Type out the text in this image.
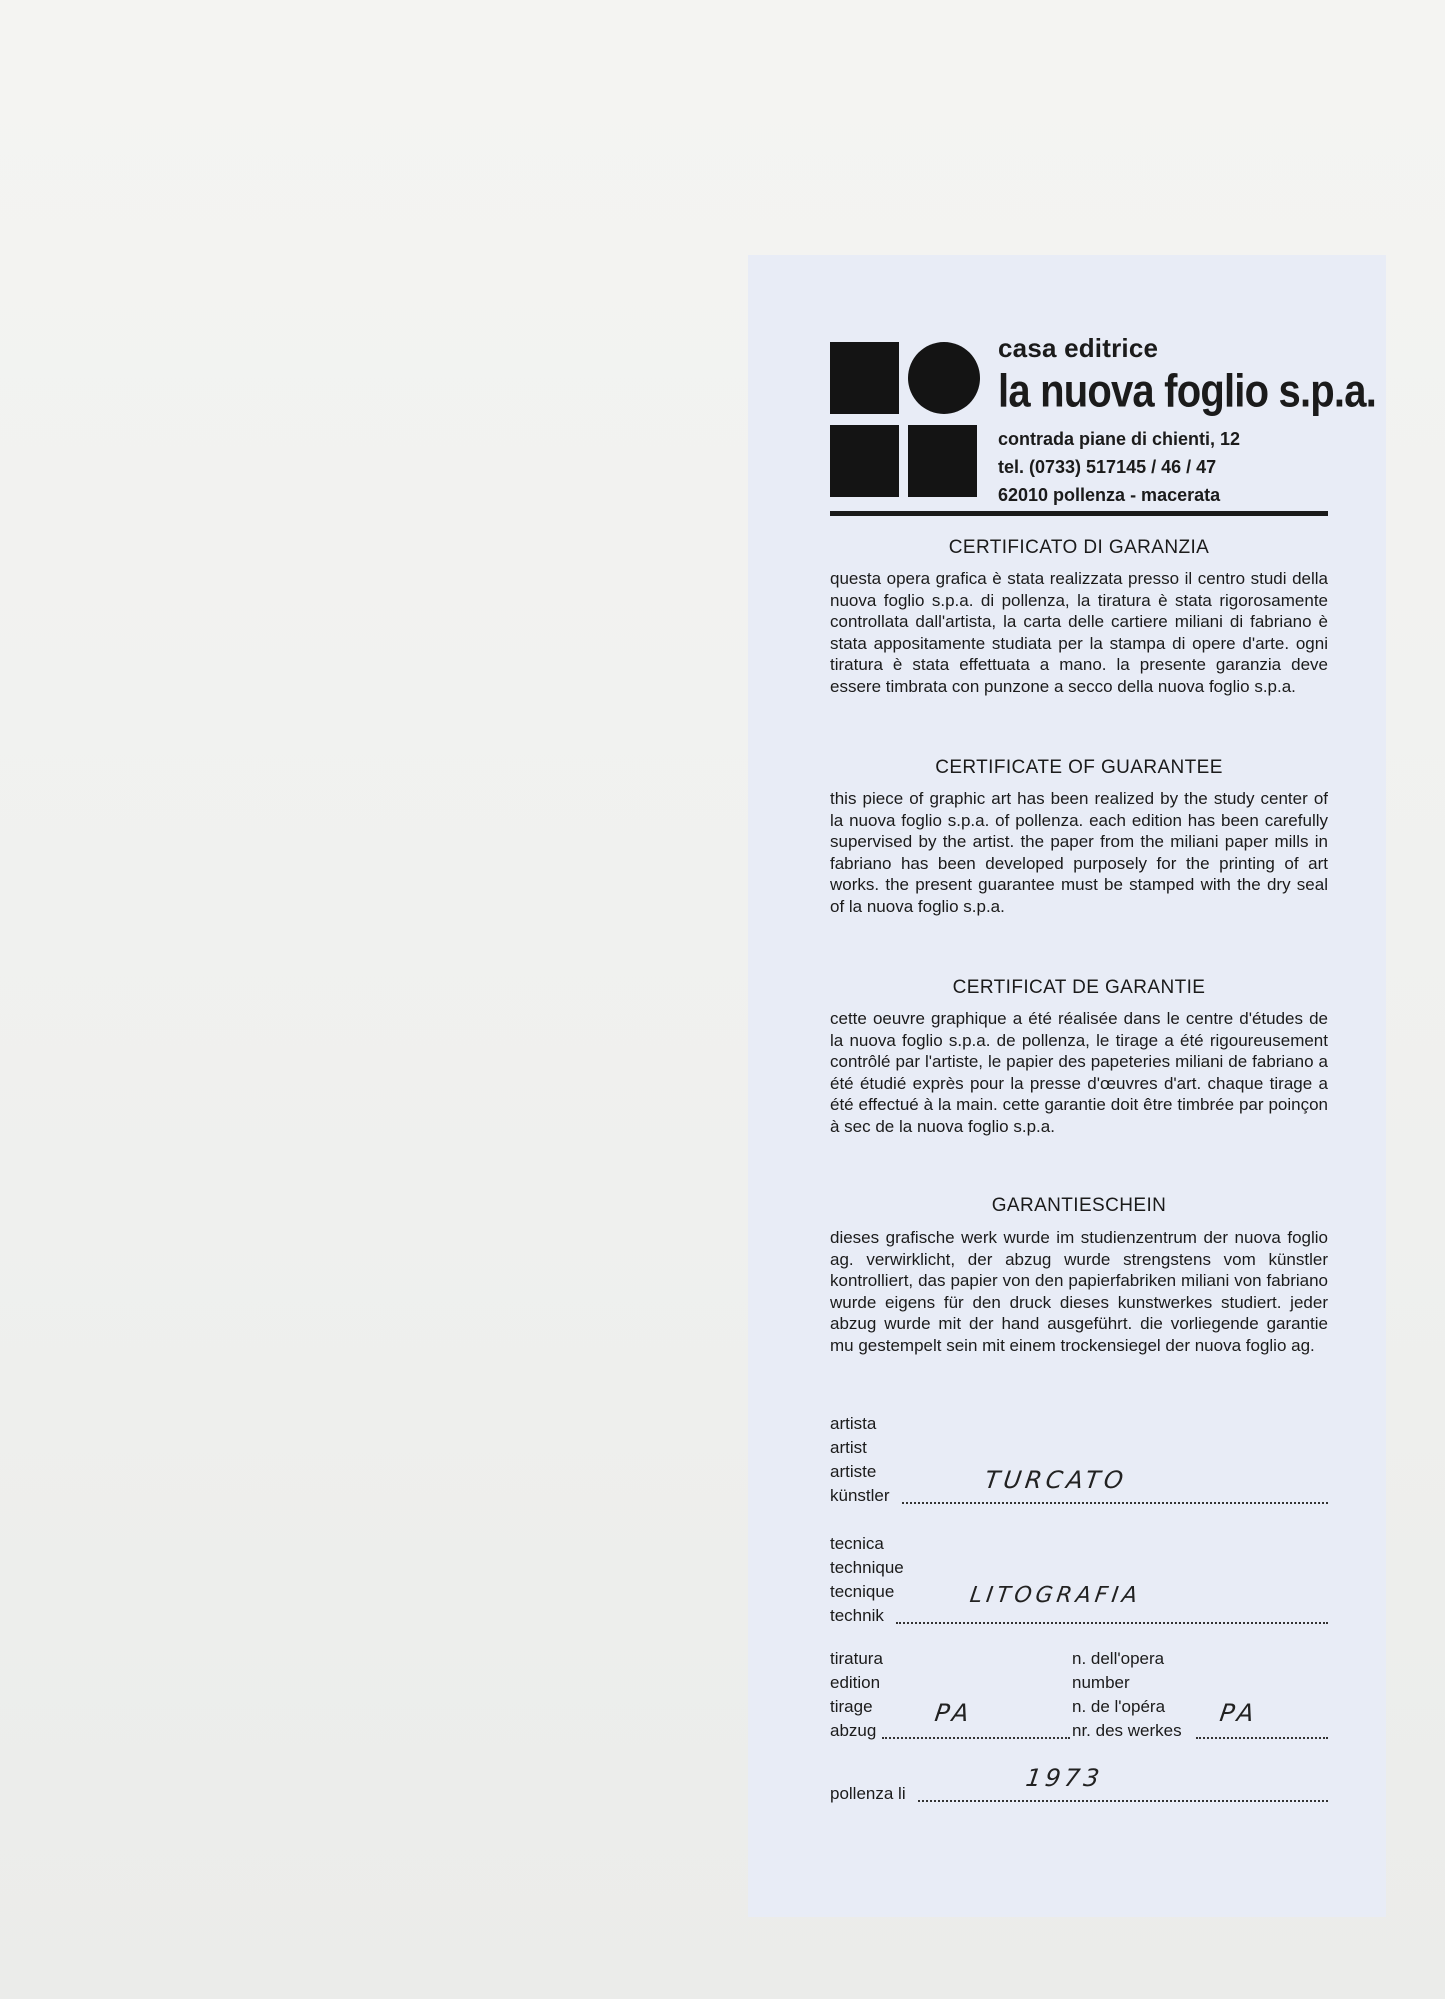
casa editrice
la nuova foglio s.p.a.
contrada piane di chienti, 12
tel. (0733) 517145 / 46 / 47
62010 pollenza - macerata
CERTIFICATO DI GARANZIA
questa opera grafica è stata realizzata presso il centro studi della nuova foglio s.p.a. di pollenza, la tiratura è stata rigorosamente controllata dall'artista, la carta delle cartiere miliani di fabriano è stata appositamente studiata per la stampa di opere d'arte. ogni tiratura è stata effettuata a mano. la presente garanzia deve essere timbrata con punzone a secco della nuova foglio s.p.a.
CERTIFICATE OF GUARANTEE
this piece of graphic art has been realized by the study center of la nuova foglio s.p.a. of pollenza. each edition has been carefully supervised by the artist. the paper from the miliani paper mills in fabriano has been developed purposely for the printing of art works. the present guarantee must be stamped with the dry seal of la nuova foglio s.p.a.
CERTIFICAT DE GARANTIE
cette oeuvre graphique a été réalisée dans le centre d'études de la nuova foglio s.p.a. de pollenza, le tirage a été rigoureusement contrôlé par l'artiste, le papier des papeteries miliani de fabriano a été étudié exprès pour la presse d'œuvres d'art. chaque tirage a été effectué à la main. cette garantie doit être timbrée par poinçon à sec de la nuova foglio s.p.a.
GARANTIESCHEIN
dieses grafische werk wurde im studienzentrum der nuova foglio ag. verwirklicht, der abzug wurde strengstens vom künstler kontrolliert, das papier von den papierfabriken miliani von fabriano wurde eigens für den druck dieses kunstwerkes studiert. jeder abzug wurde mit der hand ausgeführt. die vorliegende garantie mu gestempelt sein mit einem trockensiegel der nuova foglio ag.
artista
artist
artiste
künstler
TURCATO
tecnica
technique
tecnique
technik
LITOGRAFIA
tiratura
edition
tirage
abzug
PA
n. dell'opera
number
n. de l'opéra
nr. des werkes
PA
pollenza li
1973
